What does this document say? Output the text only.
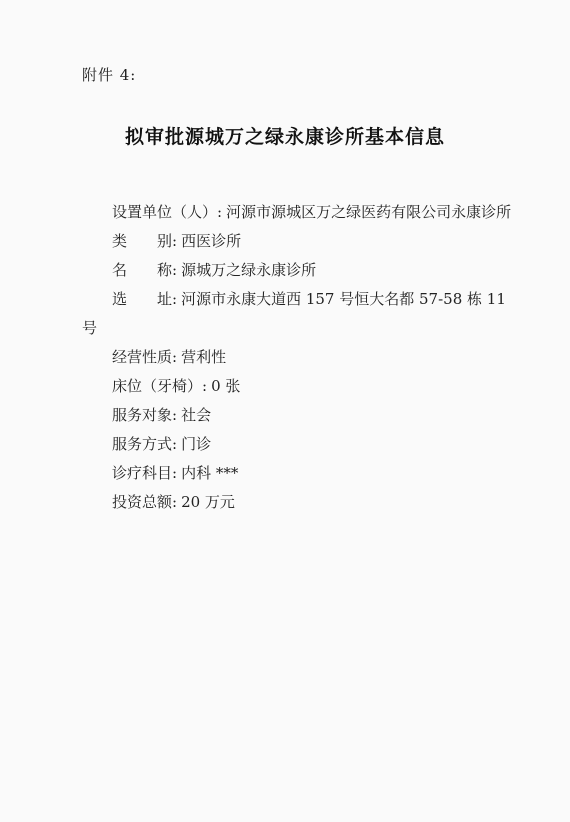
附件 4:
拟审批源城万之绿永康诊所基本信息
设置单位（人）: 河源市源城区万之绿医药有限公司永康诊所
类　　别: 西医诊所
名　　称: 源城万之绿永康诊所
选　　址: 河源市永康大道西 157 号恒大名都 57-58 栋 11 号
经营性质: 营利性
床位（牙椅）: 0 张
服务对象: 社会
服务方式: 门诊
诊疗科目: 内科 ***
投资总额: 20 万元
